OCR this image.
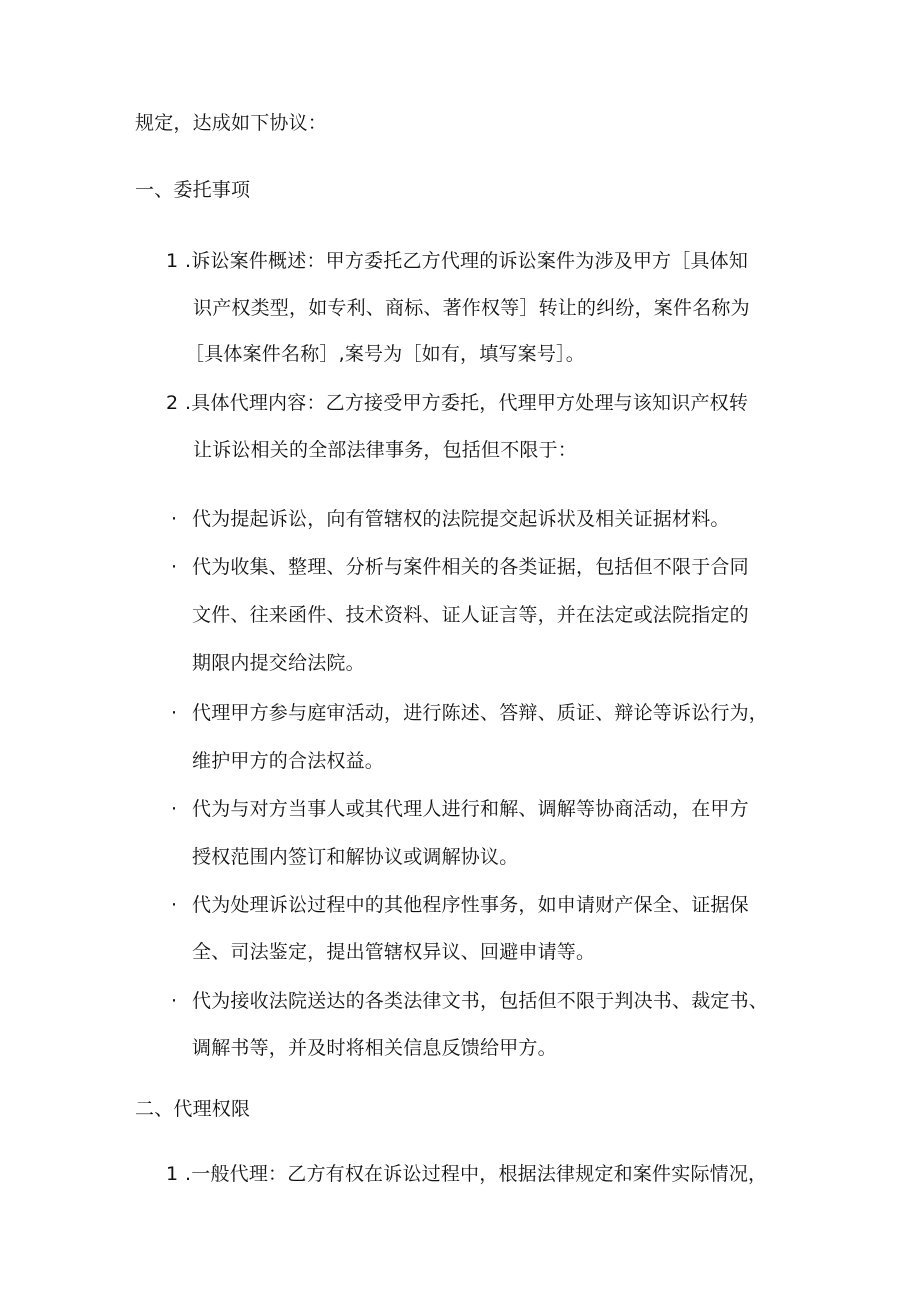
规定，达成如下协议：
一、委托事项
1 .诉讼案件概述：甲方委托乙方代理的诉讼案件为涉及甲方［具体知
识产权类型，如专利、商标、著作权等］转让的纠纷，案件名称为
［具体案件名称］,案号为［如有，填写案号］。
2 .具体代理内容：乙方接受甲方委托，代理甲方处理与该知识产权转
让诉讼相关的全部法律事务，包括但不限于：
· 代为提起诉讼，向有管辖权的法院提交起诉状及相关证据材料。
· 代为收集、整理、分析与案件相关的各类证据，包括但不限于合同
文件、往来函件、技术资料、证人证言等，并在法定或法院指定的
期限内提交给法院。
· 代理甲方参与庭审活动，进行陈述、答辩、质证、辩论等诉讼行为，
维护甲方的合法权益。
· 代为与对方当事人或其代理人进行和解、调解等协商活动，在甲方
授权范围内签订和解协议或调解协议。
· 代为处理诉讼过程中的其他程序性事务，如申请财产保全、证据保
全、司法鉴定，提出管辖权异议、回避申请等。
· 代为接收法院送达的各类法律文书，包括但不限于判决书、裁定书、
调解书等，并及时将相关信息反馈给甲方。
二、代理权限
1 .一般代理：乙方有权在诉讼过程中，根据法律规定和案件实际情况，
